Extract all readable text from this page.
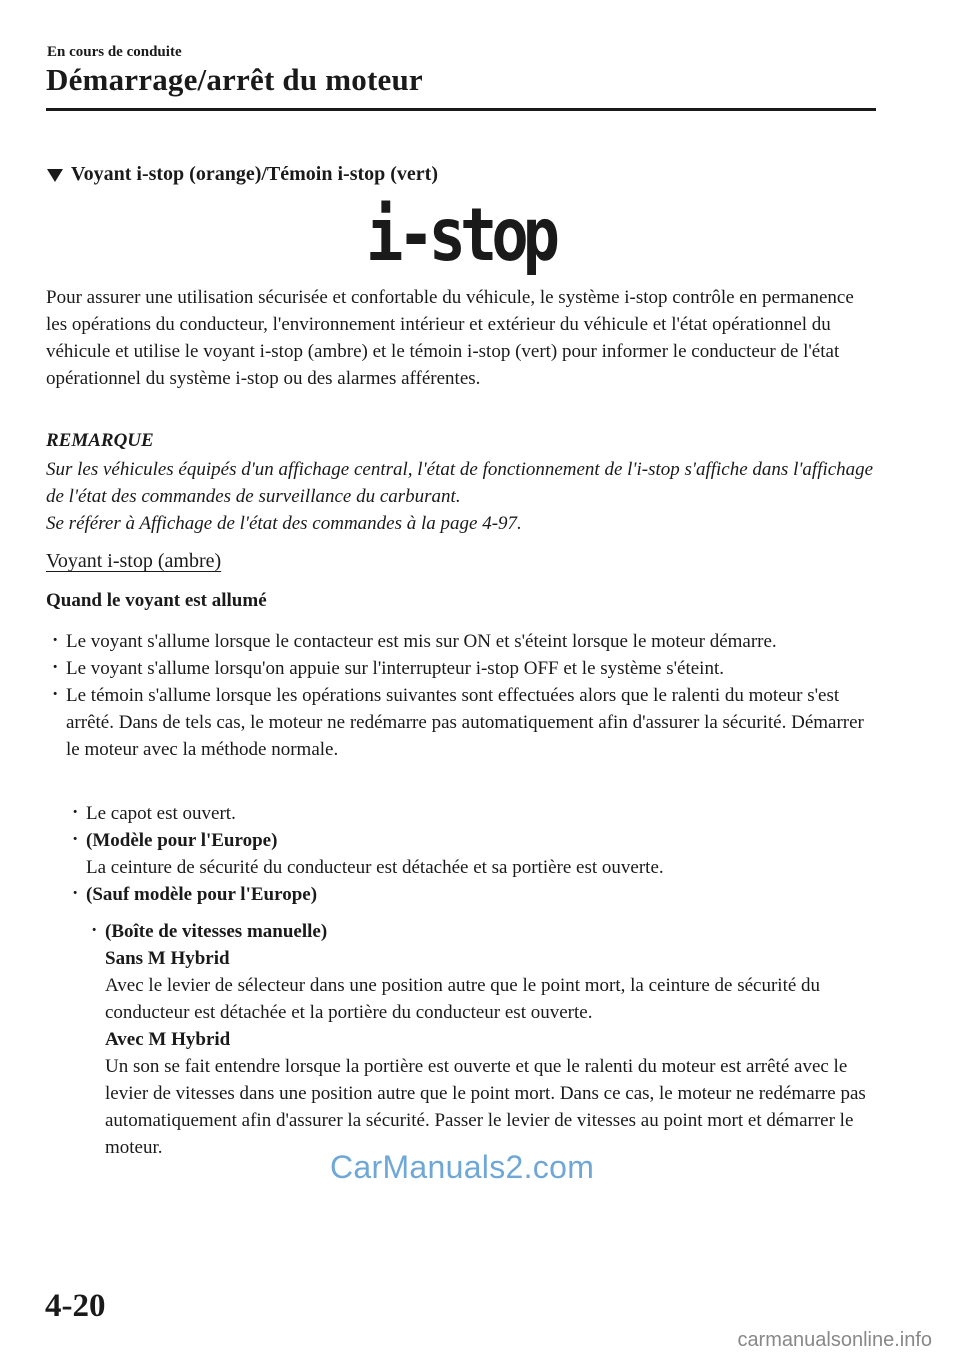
En cours de conduite
Démarrage/arrêt du moteur
Voyant i-stop (orange)/Témoin i-stop (vert)
i-stop
Pour assurer une utilisation sécurisée et confortable du véhicule, le système i-stop contrôle en permanence les opérations du conducteur, l'environnement intérieur et extérieur du véhicule et l'état opérationnel du véhicule et utilise le voyant i-stop (ambre) et le témoin i-stop (vert) pour informer le conducteur de l'état opérationnel du système i-stop ou des alarmes afférentes.
REMARQUE
Sur les véhicules équipés d'un affichage central, l'état de fonctionnement de l'i-stop s'affiche dans l'affichage de l'état des commandes de surveillance du carburant.
Se référer à Affichage de l'état des commandes à la page 4-97.
Voyant i-stop (ambre)
Quand le voyant est allumé
· Le voyant s'allume lorsque le contacteur est mis sur ON et s'éteint lorsque le moteur démarre.
· Le voyant s'allume lorsqu'on appuie sur l'interrupteur i-stop OFF et le système s'éteint.
· Le témoin s'allume lorsque les opérations suivantes sont effectuées alors que le ralenti du moteur s'est arrêté. Dans de tels cas, le moteur ne redémarre pas automatiquement afin d'assurer la sécurité. Démarrer le moteur avec la méthode normale.
· Le capot est ouvert.
· (Modèle pour l'Europe)
La ceinture de sécurité du conducteur est détachée et sa portière est ouverte.
· (Sauf modèle pour l'Europe)
· (Boîte de vitesses manuelle)
Sans M Hybrid
Avec le levier de sélecteur dans une position autre que le point mort, la ceinture de sécurité du conducteur est détachée et la portière du conducteur est ouverte.
Avec M Hybrid
Un son se fait entendre lorsque la portière est ouverte et que le ralenti du moteur est arrêté avec le levier de vitesses dans une position autre que le point mort. Dans ce cas, le moteur ne redémarre pas automatiquement afin d'assurer la sécurité. Passer le levier de vitesses au point mort et démarrer le moteur.
CarManuals2.com
4-20
carmanualsonline.info
